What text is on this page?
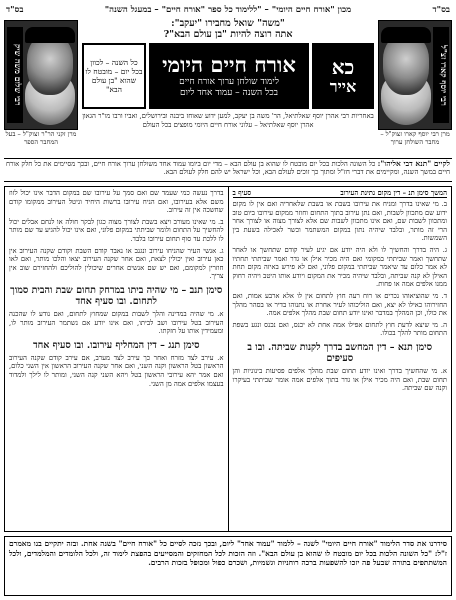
בס"ד
מכון "אורח חיים היומי" – "ללימוד כל ספר "אורח חיים" – במעגל השנה"
בס"ד
רבי יוסף קארו זצ"ל
מרן רבי יוסף קארו זצוק"ל – מחבר השולחן ערוך
רבי שלום משה שיק
מרן זקני הר"ר זצוק"ל – בעל המחבר הספר
"משה" שואל מחבירו "יעקב":
אתה רוצה להיות "בן עולם הבא"?
כא
אייר
אורח חיים היומי
לימוד שולחן ערוך אורח חיים
בכל השנה – עמוד אחד ליום
כל השנה – לכוון בכל יום – מובטח לו שהוא "בן עולם הבא"
באחריות רבי אהרן יוסף שאלתיאל, הר' משה בן יעקב, למען ידוע שאוחז ביבנה ובירושלים, ואביו ורבו מו"ר הגאון אהרן יוסף שאלתיאל – עלוני אורח חיים היומי מופצים בכל העולם
לקיים "תנא דבי אליהו": כל השונה הלכות בכל יום מובטח לו שהוא בן עולם הבא – מדי יום ביומו עמוד אחד משולחן ערוך אורח חיים, ובכך מסיימים את כל חלק אורח חיים במשך השנה, ומקיימים את דברי חז"ל ומתוך כך זוכים לעולם הבא, וכל ישראל יש להם חלק לעולם הבא.
המשך סימן תנ – דין מקום נתינת העירוב
סעיף ב

ב. מי שאינו בדרך ומניח את עירובו בשבת או בשבת שלאחריה ואם אין לו מקום ידוע שם מתכוון לשבות, ואם נתן עירוב בתוך התחום וחוזר ממקום עירובו ביום טוב ומתכוון לשבות שם, ואם אינו מתכוון לשבות שם אלא לצורך מצוה או לצורך אחר הרי זה מותר, ובלבד שיהיה נתון במקום המשתמר וכשר לאכילה בשעת בין השמשות.

ג. היה בדרך והחשיך לו ולא היה יודע אם יגיע לעיר קודם שתחשך או לאחר שתחשך ואמר שביתתי במקומי ואם היה מכיר אילן או גדר ואמר שביתתי תחתיו לא אמר כלום עד שיאמר שביתתי במקום פלוני, ואם לא פירש באיזה מקום תחת האילן לא קנה שביתה, ובלבד שיהיה מכיר את המקום ויודע אותו היטב ויהיה רחוק ממנו אלפים אמה או פחות.

ד. מי שהוציאוהו נכרים או רוח רעה חוץ לתחום אין לו אלא ארבע אמות, ואם החזירוהו כאילו לא יצא, ואם הוליכוהו לעיר אחרת או נתנוהו בדיר או בסהר מהלך את כולו, וכן המהלך במדבר ואינו יודע תחום שבת מהלך אלפים אמה.

ה. מי שיצא לדעת חוץ לתחום אפילו אמה אחת לא יכנס, ואם נכנס ונגע בשפת התחום מותר להלך בכולו.

סימן תנא – דין המחשב בדרך לקנות שביתה. ובו ב סעיפים

א. מי שהחשיך בדרך ואינו יודע תחום שבת מהלך אלפים פסיעות בינוניות והן תחום שבת, ואם היה מכיר אילן או גדר בתוך אלפים אמה אומר שביתתי בעיקרו וקנה שם שביתה.

בדרך נעשה כמי שעמד שם ואם סמך על עירובו שם במקום הדבר אינו יכול לזוז משם אלא בעירובו, ואם הניח עירובו ברשות היחיד וניטל העירוב ממקומו קודם שחשכה אין זה עירוב.

ב. מי שאינו מעורב ויצא בשבת לצורך מצוה כגון לבקר חולה או לנחם אבלים יכול להחשיך על התחום ולומר שביתתי במקום פלוני, ואם אינו יכול להגיע עד שם מותר לו ללכת עד סוף תחום עירובו בלבד.

ג. אנשי העיר שהניחו עירוב ונגנב או נאבד קודם השבת וקודם שקנה העירוב אין כאן עירוב ואין יכולין לצאת, ואם אחר שקנה העירוב יצאו והלכו מותר, ואם לאו חוזרין למקומם, ואם יש שם אנשים אחרים שיכולין להוליכם ולהחזירם שוב אין צריך.

סימן תנב – מי שהיה ביתו במרחק תחום שבת והבית סמוך לתחום. ובו סעיף אחד

א. מי שהיה במדינה והלך לשבות במקום שמחוץ לתחום, ואם נודע לו שהכנה העירוב בטל עירובו ושב לביתו, ואם אינו יודע אם נשתמר העירוב מותר לו, ומעמידין אותו על חזקתו.

סימן תנג – דין המחליף עירובו. ובו סעיף אחד

א. עירב לצד מזרח ואחר כך עירב לצד מערב, אם עירב קודם שקנה העירוב הראשון בטל הראשון וקנה השני, ואם אחר שקנה העירוב הראשון אין השני כלום, ואם אמר יהא עירובי הראשון בטל ויהא השני קנה השני, ומותר לו לילך ולמדוד בעצמו אלפים אמה מן השני.

סידרנו את סדר הלימוד "אורח חיים היומי" לשנה – ללמוד "עמוד אחד" ליום, ובכך נזכה לסיים כל "אורח חיים" בשנה אחת. ובזה יתקיים בנו מאמרם ז"ל: "כל השונה הלכות בכל יום מובטח לו שהוא בן עולם הבא". וזה הזכות לכל המחזקים והמסייעים בהפצת לימוד זה, ולכל הלומדים והמלמדים, ולכל המשתתפים בתורה שבעל פה יזכו להשפעות ברכה רוחניות וגשמיות, ושכרם כפול ומכופל בזכות הרבים.
